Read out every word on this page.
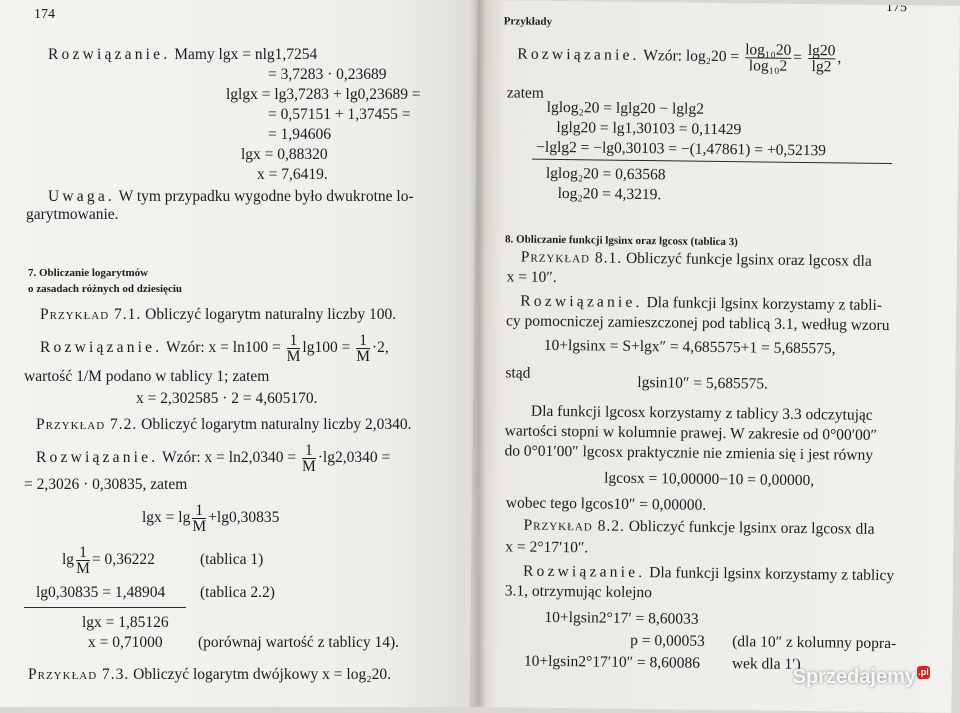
174
Rozwiązanie. Mamy lgx = nlg1,7254
= 3,7283 · 0,23689
lglgx = lg3,7283 + lg0,23689 =
= 0,57151 + 1,37455 =
= 1,94606
lgx = 0,88320
x = 7,6419.
Uwaga. W tym przypadku wygodne było dwukrotne lo-
garytmowanie.
7. Obliczanie logarytmów
o zasadach różnych od dziesięciu
Przykład 7.1. Obliczyć logarytm naturalny liczby 100.
Rozwiązanie. Wzór: $x = \ln 100 = \frac{1}{M} \lg 100 = \frac{1}{M} \cdot 2$,
wartość 1/M podano w tablicy 1; zatem
x = 2,302585 · 2 = 4,605170.
Przykład 7.2. Obliczyć logarytm naturalny liczby 2,0340.
Rozwiązanie. Wzór: $x = \ln 2,0340 = \frac{1}{M} \cdot\lg 2,0340$ =
= 2,3026 · 0,30835, zatem
$\lg x = \lg \frac{1}{M} +\lg 0,30835$
$\lg \frac{1}{M} = 0,36222$	(tablica 1)
lg0,30835 = 1,48904 (tablica 2.2)
lgx = 1,85126
x = 0,71000 (porównaj wartość z tablicy 14).
Przykład 7.3. Obliczyć logarytm dwójkowy x = log₂20.
Przykłady
175
Rozwiązanie. Wzór: $\log_220 = \frac{\text{log₁₀20}}{\text{log₁₀2}} = \frac{\lg 20}{\lg 2}$ ,
zatem
lglog₂20 = lglg20 − lglg2
lglg20 = lg1,30103 = 0,11429
−lglg2 = −lg0,30103 = −(1,47861) = +0,52139
lglog₂20 = 0,63568
log₂20 = 4,3219.
8. Obliczanie funkcji lgsinx oraz lgcosx (tablica 3)
Przykład 8.1. Obliczyć funkcje lgsinx oraz lgcosx dla
x = 10″.
Rozwiązanie. Dla funkcji lgsinx korzystamy z tabli-
cy pomocniczej zamieszczonej pod tablicą 3.1, według wzoru
10+lgsinx = S+lgx″ = 4,685575+1 = 5,685575,
stąd
lgsin10″ = 5,685575.
Dla funkcji lgcosx korzystamy z tablicy 3.3 odczytując
wartości stopni w kolumnie prawej. W zakresie od 0°00′00″
do 0°01′00″ lgcosx praktycznie nie zmienia się i jest równy
lgcosx = 10,00000−10 = 0,00000,
wobec tego lgcos10″ = 0,00000.
Przykład 8.2. Obliczyć funkcje lgsinx oraz lgcosx dla
x = 2°17′10″.
Rozwiązanie. Dla funkcji lgsinx korzystamy z tablicy
3.1, otrzymując kolejno
10+lgsin2°17′ = 8,60033
p = 0,00053 (dla 10″ z kolumny popra-
10+lgsin2°17′10″ = 8,60086 wek dla 1′)
Sprzedajemy .pl
